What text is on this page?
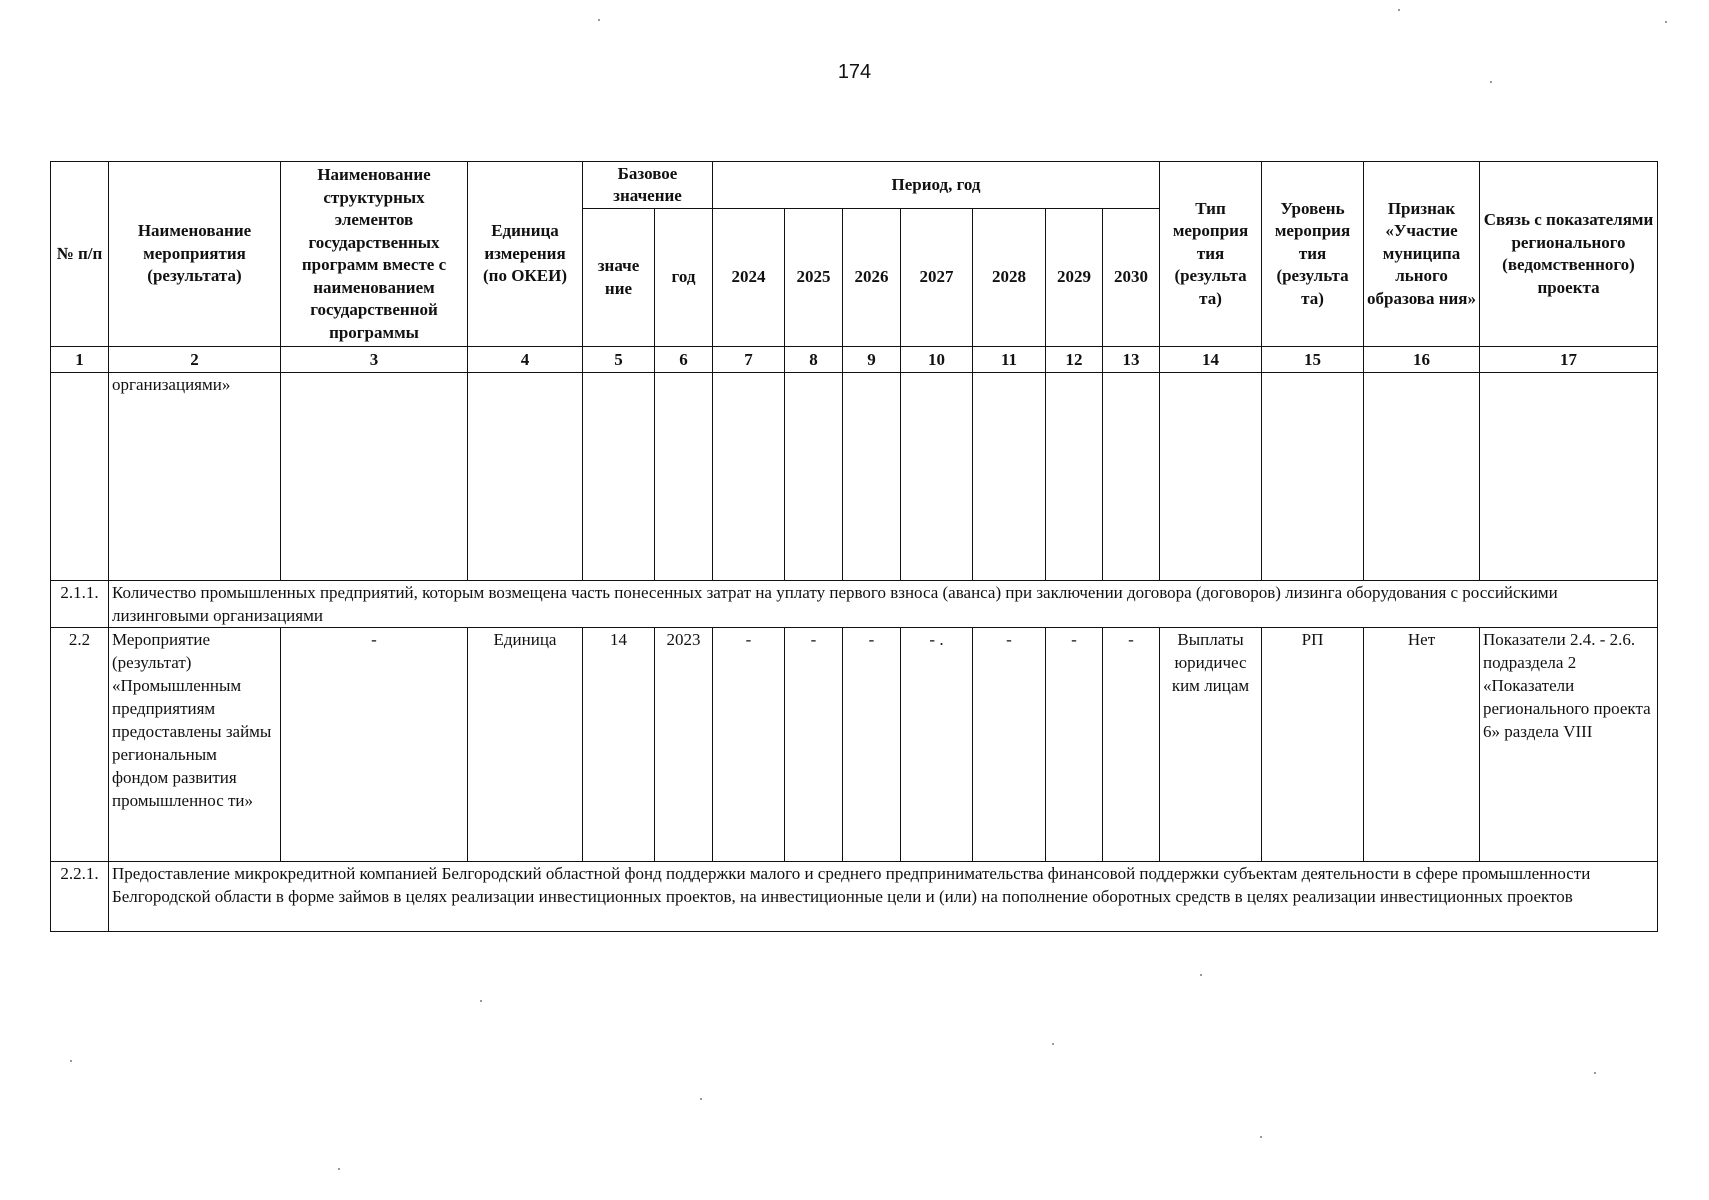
174
№ п/п	Наименование мероприятия (результата)	Наименование структурных элементов государственных программ вместе с наименованием государственной программы	Единица измерения (по ОКЕИ)	Базовое значение		Период, год							Тип мероприя тия (результа та)	Уровень мероприя тия (результа та)	Признак «Участие муниципа льного образова ния»	Связь с показателями регионального (ведомственного) проекта
				значе ние	год	2024	2025	2026	2027	2028	2029	2030				
1	2	3	4	5	6	7	8	9	10	11	12	13	14	15	16	17
	организациями»															
2.1.1.	Количество промышленных предприятий, которым возмещена часть понесенных затрат на уплату первого взноса (аванса) при заключении договора (договоров) лизинга оборудования с российскими лизинговыми организациями															
2.2	Мероприятие (результат) «Промышленным предприятиям предоставлены займы региональным фондом развития промышленнос ти»	-	Единица	14	2023	-	-	-	- .	-	-	-	Выплаты юридичес ким лицам	РП	Нет	Показатели 2.4. - 2.6. подраздела 2 «Показатели регионального проекта 6» раздела VIII
2.2.1.	Предоставление микрокредитной компанией Белгородский областной фонд поддержки малого и среднего предпринимательства финансовой поддержки субъектам деятельности в сфере промышленности Белгородской области в форме займов в целях реализации инвестиционных проектов, на инвестиционные цели и (или) на пополнение оборотных средств в целях реализации инвестиционных проектов															
